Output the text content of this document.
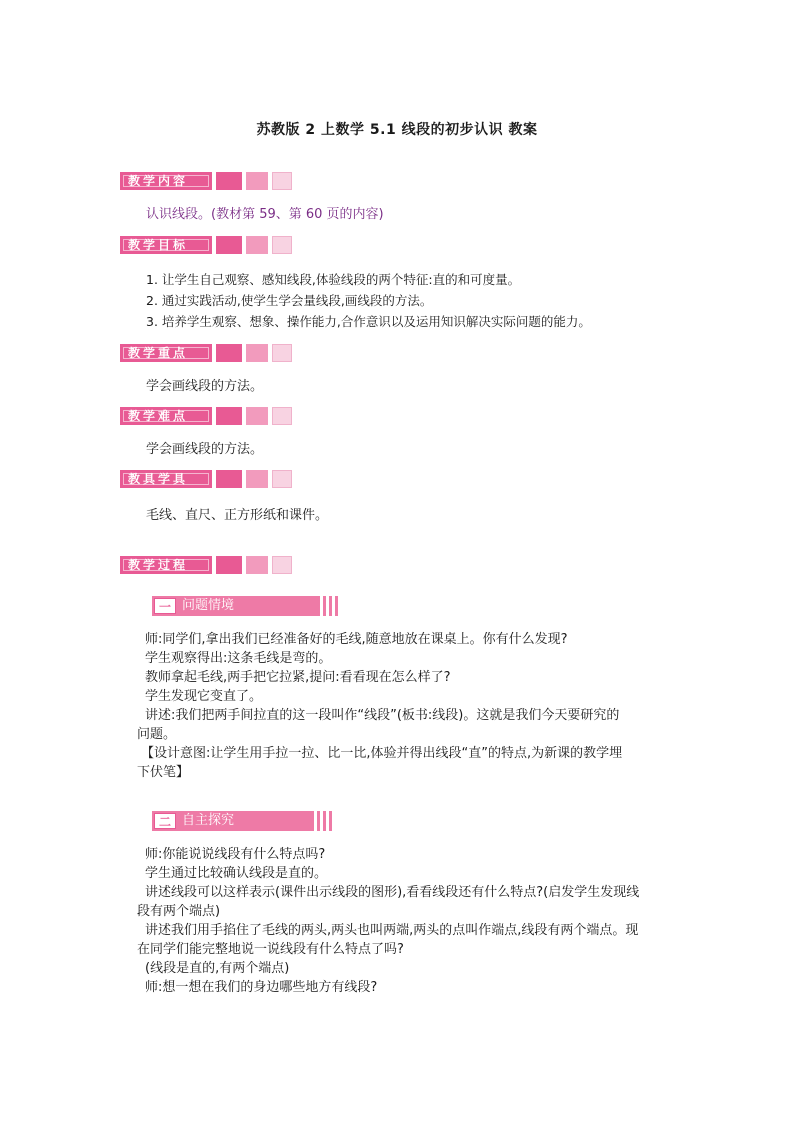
苏教版 2 上数学 5.1 线段的初步认识 教案
教学内容
认识线段。(教材第 59、第 60 页的内容)
教学目标
1. 让学生自己观察、感知线段,体验线段的两个特征:直的和可度量。
2. 通过实践活动,使学生学会量线段,画线段的方法。
3. 培养学生观察、想象、操作能力,合作意识以及运用知识解决实际问题的能力。
教学重点
学会画线段的方法。
教学难点
学会画线段的方法。
教具学具
毛线、直尺、正方形纸和课件。
教学过程
一 问题情境
师:同学们,拿出我们已经准备好的毛线,随意地放在课桌上。你有什么发现?
学生观察得出:这条毛线是弯的。
教师拿起毛线,两手把它拉紧,提问:看看现在怎么样了?
学生发现它变直了。
讲述:我们把两手间拉直的这一段叫作“线段”(板书:线段)。这就是我们今天要研究的
问题。
【设计意图:让学生用手拉一拉、比一比,体验并得出线段“直”的特点,为新课的教学埋
下伏笔】
二 自主探究
师:你能说说线段有什么特点吗?
学生通过比较确认线段是直的。
讲述线段可以这样表示(课件出示线段的图形),看看线段还有什么特点?(启发学生发现线
段有两个端点)
讲述我们用手掐住了毛线的两头,两头也叫两端,两头的点叫作端点,线段有两个端点。现
在同学们能完整地说一说线段有什么特点了吗?
(线段是直的,有两个端点)
师:想一想在我们的身边哪些地方有线段?
